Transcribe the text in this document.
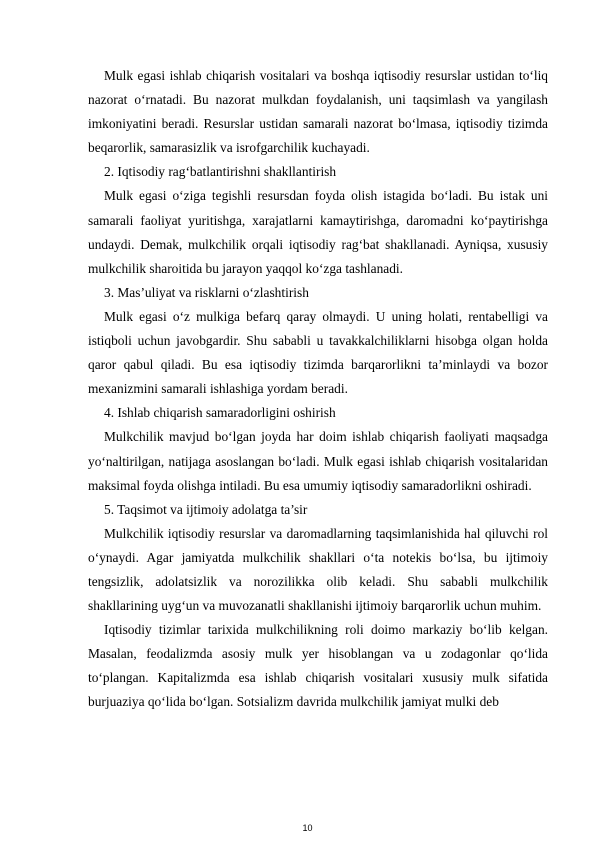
Mulk egasi ishlab chiqarish vositalari va boshqa iqtisodiy resurslar ustidan to‘liq nazorat o‘rnatadi. Bu nazorat mulkdan foydalanish, uni taqsimlash va yangilash imkoniyatini beradi. Resurslar ustidan samarali nazorat bo‘lmasa, iqtisodiy tizimda beqarorlik, samarasizlik va isrofgarchilik kuchayadi.

2. Iqtisodiy rag‘batlantirishni shakllantirish

Mulk egasi o‘ziga tegishli resursdan foyda olish istagida bo‘ladi. Bu istak uni samarali faoliyat yuritishga, xarajatlarni kamaytirishga, daromadni ko‘paytirishga undaydi. Demak, mulkchilik orqali iqtisodiy rag‘bat shakllanadi. Ayniqsa, xususiy mulkchilik sharoitida bu jarayon yaqqol ko‘zga tashlanadi.

3. Mas’uliyat va risklarni o‘zlashtirish

Mulk egasi o‘z mulkiga befarq qaray olmaydi. U uning holati, rentabelligi va istiqboli uchun javobgardir. Shu sababli u tavakkalchiliklarni hisobga olgan holda qaror qabul qiladi. Bu esa iqtisodiy tizimda barqarorlikni ta’minlaydi va bozor mexanizmini samarali ishlashiga yordam beradi.

4. Ishlab chiqarish samaradorligini oshirish

Mulkchilik mavjud bo‘lgan joyda har doim ishlab chiqarish faoliyati maqsadga yo‘naltirilgan, natijaga asoslangan bo‘ladi. Mulk egasi ishlab chiqarish vositalaridan maksimal foyda olishga intiladi. Bu esa umumiy iqtisodiy samaradorlikni oshiradi.

5. Taqsimot va ijtimoiy adolatga ta’sir

Mulkchilik iqtisodiy resurslar va daromadlarning taqsimlanishida hal qiluvchi rol o‘ynaydi. Agar jamiyatda mulkchilik shakllari o‘ta notekis bo‘lsa, bu ijtimoiy tengsizlik, adolatsizlik va norozilikka olib keladi. Shu sababli mulkchilik shakllarining uyg‘un va muvozanatli shakllanishi ijtimoiy barqarorlik uchun muhim.

Iqtisodiy tizimlar tarixida mulkchilikning roli doimo markaziy bo‘lib kelgan. Masalan, feodalizmda asosiy mulk yer hisoblangan va u zodagonlar qo‘lida to‘plangan. Kapitalizmda esa ishlab chiqarish vositalari xususiy mulk sifatida burjuaziya qo‘lida bo‘lgan. Sotsializm davrida mulkchilik jamiyat mulki deb

10
